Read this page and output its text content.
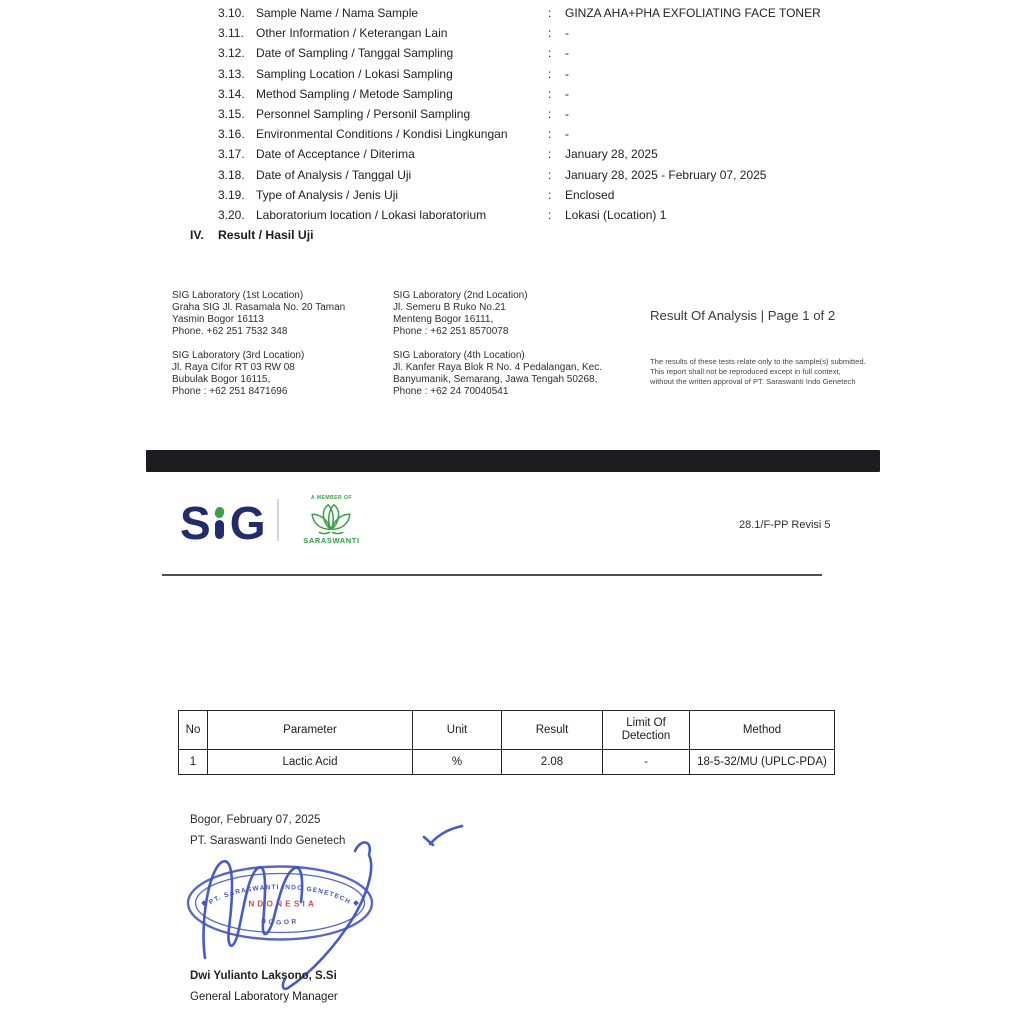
3.10. Sample Name / Nama Sample	: GINZA AHA+PHA EXFOLIATING FACE TONER
3.11. Other Information / Keterangan Lain	: -
3.12. Date of Sampling / Tanggal Sampling	: -
3.13. Sampling Location / Lokasi Sampling	: -
3.14. Method Sampling / Metode Sampling	: -
3.15. Personnel Sampling / Personil Sampling	: -
3.16. Environmental Conditions / Kondisi Lingkungan	: -
3.17. Date of Acceptance / Diterima	: January 28, 2025
3.18. Date of Analysis / Tanggal Uji	: January 28, 2025 - February 07, 2025
3.19. Type of Analysis / Jenis Uji	: Enclosed
3.20. Laboratorium location / Lokasi laboratorium	: Lokasi (Location) 1
IV. Result / Hasil Uji
SIG Laboratory (1st Location)
Graha SIG Jl. Rasamala No. 20 Taman
Yasmin Bogor 16113
Phone. +62 251 7532 348
SIG Laboratory (2nd Location)
Jl. Semeru B Ruko No.21
Menteng Bogor 16111,
Phone : +62 251 8570078
SIG Laboratory (3rd Location)
Jl. Raya Cifor RT 03 RW 08
Bubulak Bogor 16115,
Phone : +62 251 8471696
SIG Laboratory (4th Location)
Jl. Kanfer Raya Blok R No. 4 Pedalangan, Kec.
Banyumanik, Semarang, Jawa Tengah 50268,
Phone : +62 24 70040541
Result Of Analysis | Page 1 of 2
The results of these tests relate only to the sample(s) submitted.
This report shall not be reproduced except in full context,
without the written approval of PT. Saraswanti Indo Genetech
S G	A MEMBER OF
SARASWANTI
28.1/F-PP Revisi 5
No	Parameter	Unit	Result	Limit Of Detection	Method
1	Lactic Acid	%	2.08	-	18-5-32/MU (UPLC-PDA)
Bogor, February 07, 2025
PT. Saraswanti Indo Genetech
PT. SARASWANTI INDO GENETECH
INDONESIA
BOGOR
Dwi Yulianto Laksono, S.Si
General Laboratory Manager
